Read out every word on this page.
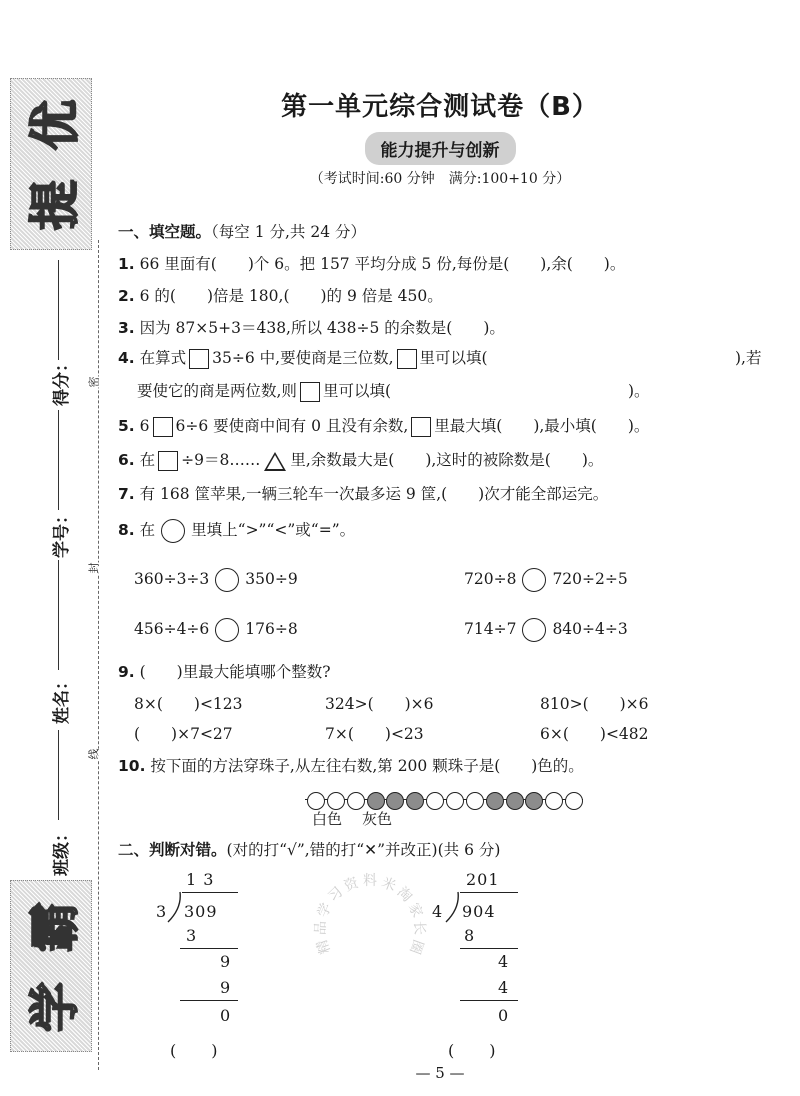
优
提
霸
学
得分：
学号：
姓名：
班级：
密
封
线
第一单元综合测试卷（B）
能力提升与创新
（考试时间:60 分钟　满分:100+10 分）
一、填空题。（每空 1 分,共 24 分）
1. 66 里面有(　　)个 6。把 157 平均分成 5 份,每份是(　　),余(　　)。
2. 6 的(　　)倍是 180,(　　)的 9 倍是 450。
3. 因为 87×5+3＝438,所以 438÷5 的余数是(　　)。
4. 在算式 35÷6 中,要使商是三位数, 里可以填(	),若
要使它的商是两位数,则 里可以填(	)。
5. 6 6÷6 要使商中间有 0 且没有余数, 里最大填(　　),最小填(　　)。
6. 在 ÷9＝8…… 里,余数最大是(　　),这时的被除数是(　　)。
7. 有 168 筐苹果,一辆三轮车一次最多运 9 筐,(　　)次才能全部运完。
8. 在 里填上“>”“<”或“=”。
360÷3÷3 350÷9	720÷8 720÷2÷5
456÷4÷6 176÷8	714÷7 840÷4÷3
9. (　　)里最大能填哪个整数?
8×(　　)<123	324>(　　)×6	810>(　　)×6
(　　)×7<27	7×(　　)<23	6×(　　)<482
10. 按下面的方法穿珠子,从左往右数,第 200 颗珠子是(　　)色的。
白色 灰色
二、判断对错。(对的打“√”,错的打“✕”并改正)(共 6 分)
1 3
3 309
3
9
9
0
(　　)
201
4 904
8
4
4
0
(　　)
精
品
学
习
资 料 米
淘
家
长
圈
— 5 —
